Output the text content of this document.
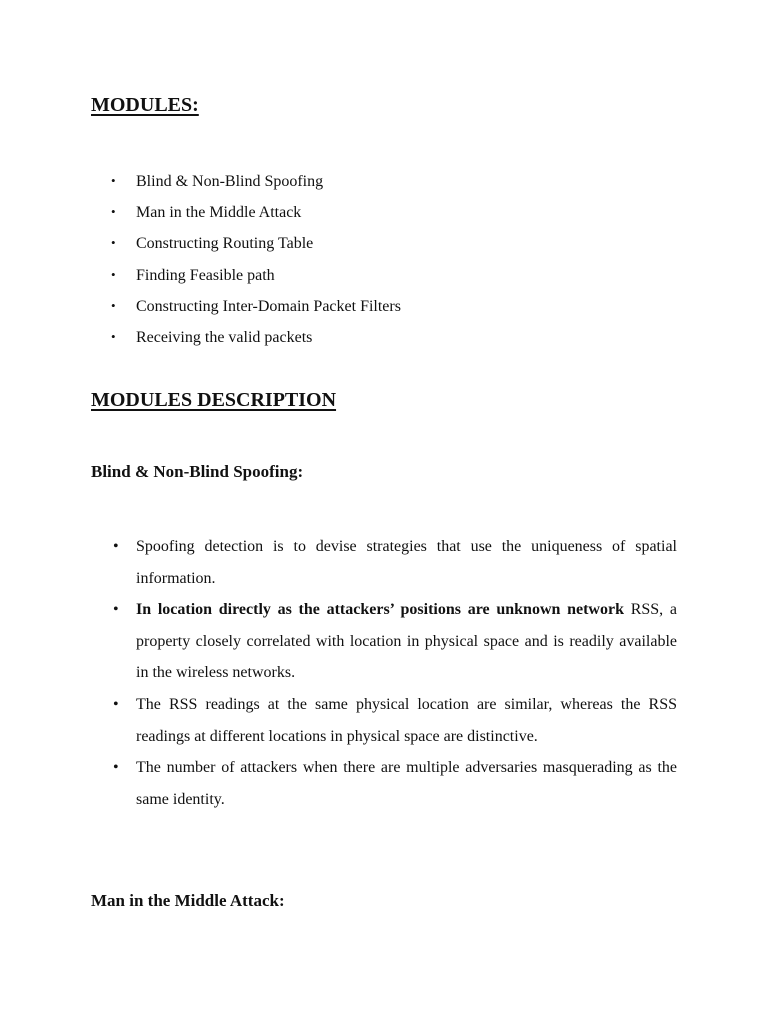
MODULES:
• Blind & Non-Blind Spoofing
• Man in the Middle Attack
• Constructing Routing Table
• Finding Feasible path
• Constructing Inter-Domain Packet Filters
• Receiving the valid packets
MODULES DESCRIPTION
Blind & Non-Blind Spoofing:
• Spoofing detection is to devise strategies that use the uniqueness of spatial information.
• In location directly as the attackers’ positions are unknown network RSS, a property closely correlated with location in physical space and is readily available in the wireless networks.
• The RSS readings at the same physical location are similar, whereas the RSS readings at different locations in physical space are distinctive.
• The number of attackers when there are multiple adversaries masquerading as the same identity.
Man in the Middle Attack:
